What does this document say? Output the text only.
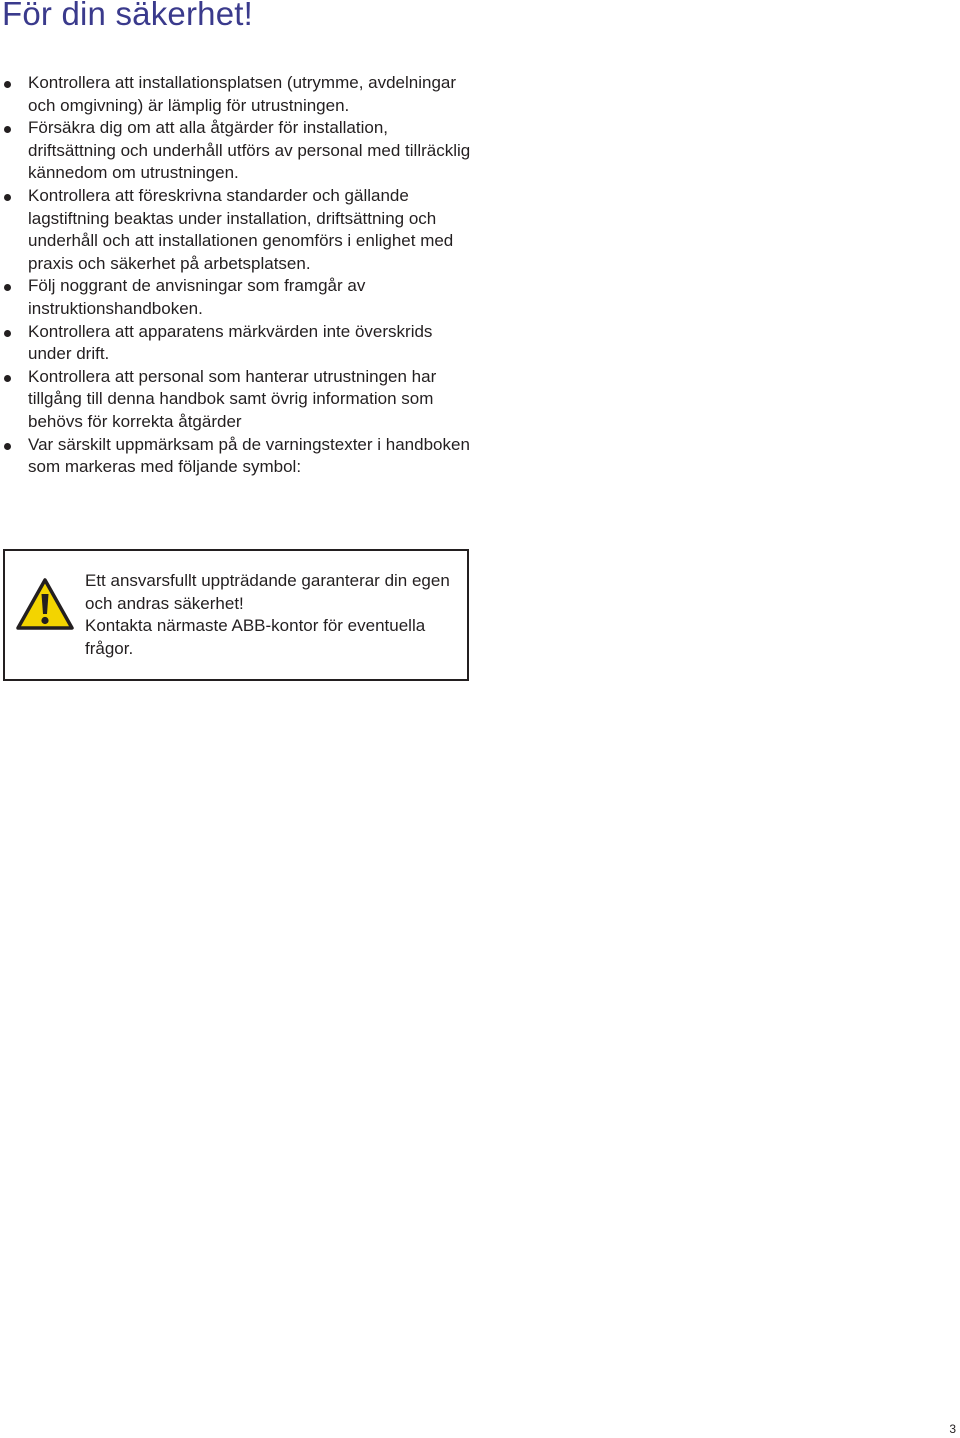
För din säkerhet!
Kontrollera att installationsplatsen (utrymme, avdelningar och omgivning) är lämplig för utrustningen.
Försäkra dig om att alla åtgärder för installation, driftsättning och underhåll utförs av personal med tillräcklig kännedom om utrustningen.
Kontrollera att föreskrivna standarder och gällande lagstiftning beaktas under installation, driftsättning och underhåll och att installationen genomförs i enlighet med praxis och säkerhet på arbetsplatsen.
Följ noggrant de anvisningar som framgår av instruktionshandboken.
Kontrollera att apparatens märkvärden inte överskrids under drift.
Kontrollera att personal som hanterar utrustningen har tillgång till denna handbok samt övrig information som behövs för korrekta åtgärder
Var särskilt uppmärksam på de varningstexter i handboken som markeras med följande symbol:

Ett ansvarsfullt uppträdande garanterar din egen och andras säkerhet!
Kontakta närmaste ABB-kontor för eventuella frågor.

3
